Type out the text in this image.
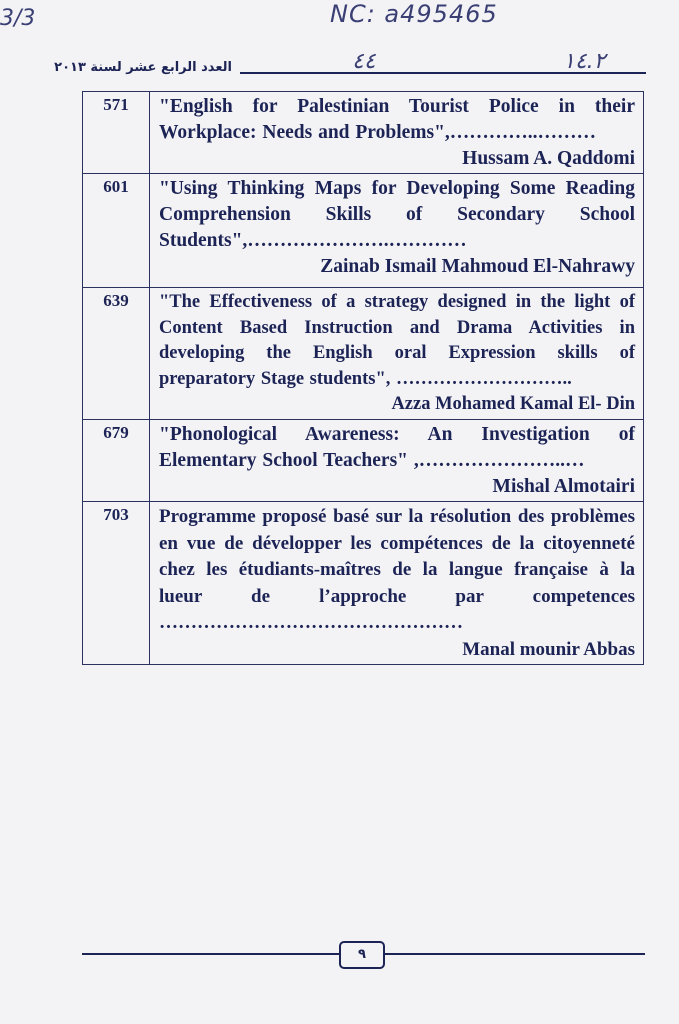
3/3	NC: a495465
٤٤	١٤.٢
العدد الرابع عشر لسنة ٢٠١٣
571	"English for Palestinian Tourist Police in their Workplace: Needs and Problems",…………..………
Hussam A. Qaddomi

601	"Using Thinking Maps for Developing Some Reading Comprehension Skills of Secondary School Students",………………….…………
Zainab Ismail Mahmoud El-Nahrawy

639	"The Effectiveness of a strategy designed in the light of Content Based Instruction and Drama Activities in developing the English oral Expression skills of preparatory Stage students", ………………………..
Azza Mohamed Kamal El- Din

679	"Phonological Awareness: An Investigation of Elementary School Teachers" ,…………………..…
Mishal Almotairi

703	Programme proposé basé sur la résolution des problèmes en vue de développer les compétences de la citoyenneté chez les étudiants-maîtres de la langue française à la lueur de l’approche par competences …………………………………………
Manal mounir Abbas
٩
